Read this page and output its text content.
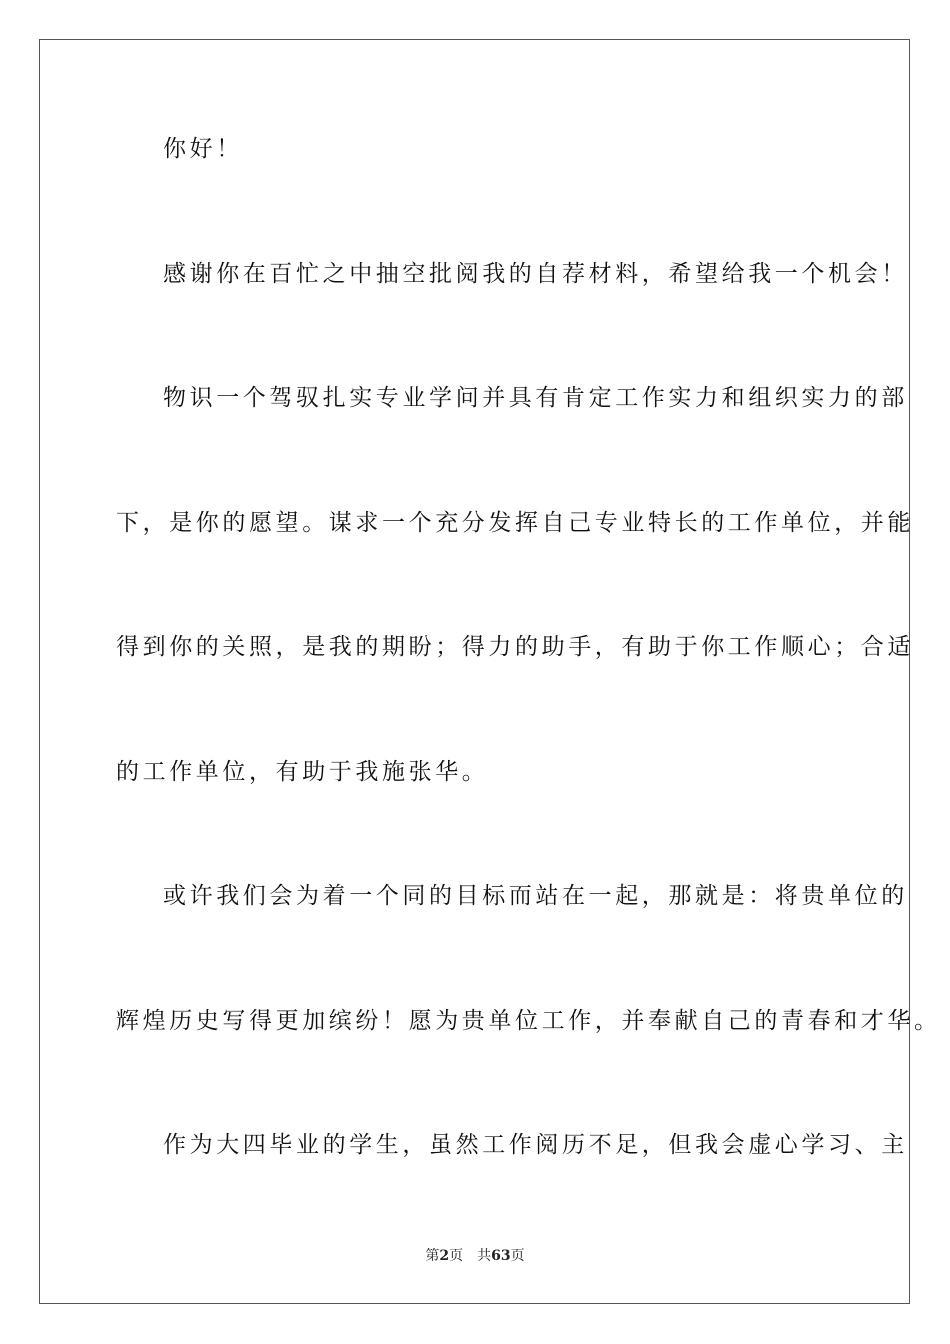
你好！
感谢你在百忙之中抽空批阅我的自荐材料，希望给我一个机会！
物识一个驾驭扎实专业学问并具有肯定工作实力和组织实力的部
下，是你的愿望。谋求一个充分发挥自己专业特长的工作单位，并能
得到你的关照，是我的期盼；得力的助手，有助于你工作顺心；合适
的工作单位，有助于我施张华。
或许我们会为着一个同的目标而站在一起，那就是：将贵单位的
辉煌历史写得更加缤纷！愿为贵单位工作，并奉献自己的青春和才华。
作为大四毕业的学生，虽然工作阅历不足，但我会虚心学习、主
第2页 共63页
